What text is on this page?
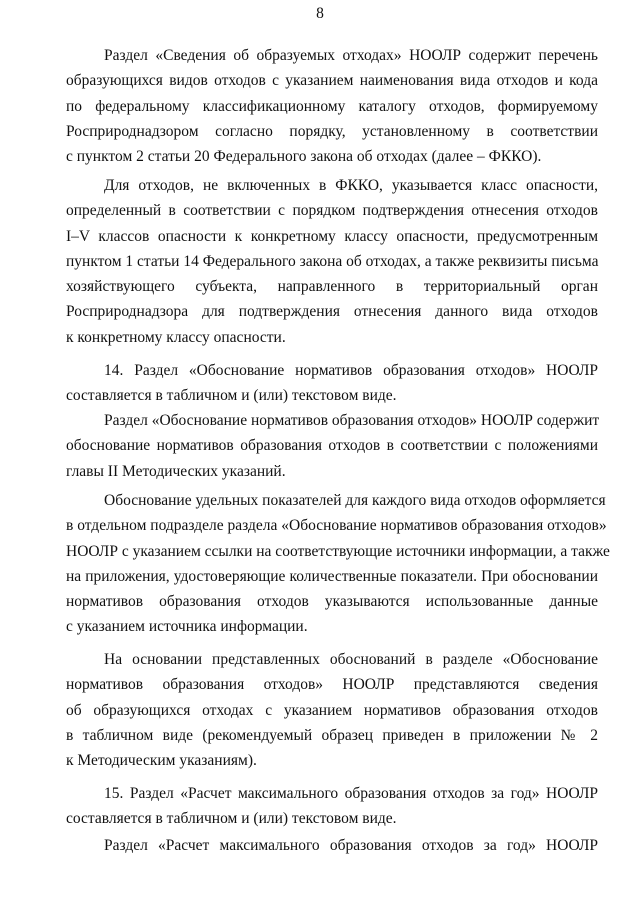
8
Раздел «Сведения об образуемых отходах» НООЛР содержит перечень
образующихся видов отходов с указанием наименования вида отходов и кода
по федеральному классификационному каталогу отходов, формируемому
Росприроднадзором согласно порядку, установленному в соответствии
с пунктом 2 статьи 20 Федерального закона об отходах (далее – ФККО).
Для отходов, не включенных в ФККО, указывается класс опасности,
определенный в соответствии с порядком подтверждения отнесения отходов
I–V классов опасности к конкретному классу опасности, предусмотренным
пунктом 1 статьи 14 Федерального закона об отходах, а также реквизиты письма
хозяйствующего субъекта, направленного в территориальный орган
Росприроднадзора для подтверждения отнесения данного вида отходов
к конкретному классу опасности.
14. Раздел «Обоснование нормативов образования отходов» НООЛР
составляется в табличном и (или) текстовом виде.
Раздел «Обоснование нормативов образования отходов» НООЛР содержит
обоснование нормативов образования отходов в соответствии с положениями
главы II Методических указаний.
Обоснование удельных показателей для каждого вида отходов оформляется
в отдельном подразделе раздела «Обоснование нормативов образования отходов»
НООЛР с указанием ссылки на соответствующие источники информации, а также
на приложения, удостоверяющие количественные показатели. При обосновании
нормативов образования отходов указываются использованные данные
с указанием источника информации.
На основании представленных обоснований в разделе «Обоснование
нормативов образования отходов» НООЛР представляются сведения
об образующихся отходах с указанием нормативов образования отходов
в табличном виде (рекомендуемый образец приведен в приложении № 2
к Методическим указаниям).
15. Раздел «Расчет максимального образования отходов за год» НООЛР
составляется в табличном и (или) текстовом виде.
Раздел «Расчет максимального образования отходов за год» НООЛР
